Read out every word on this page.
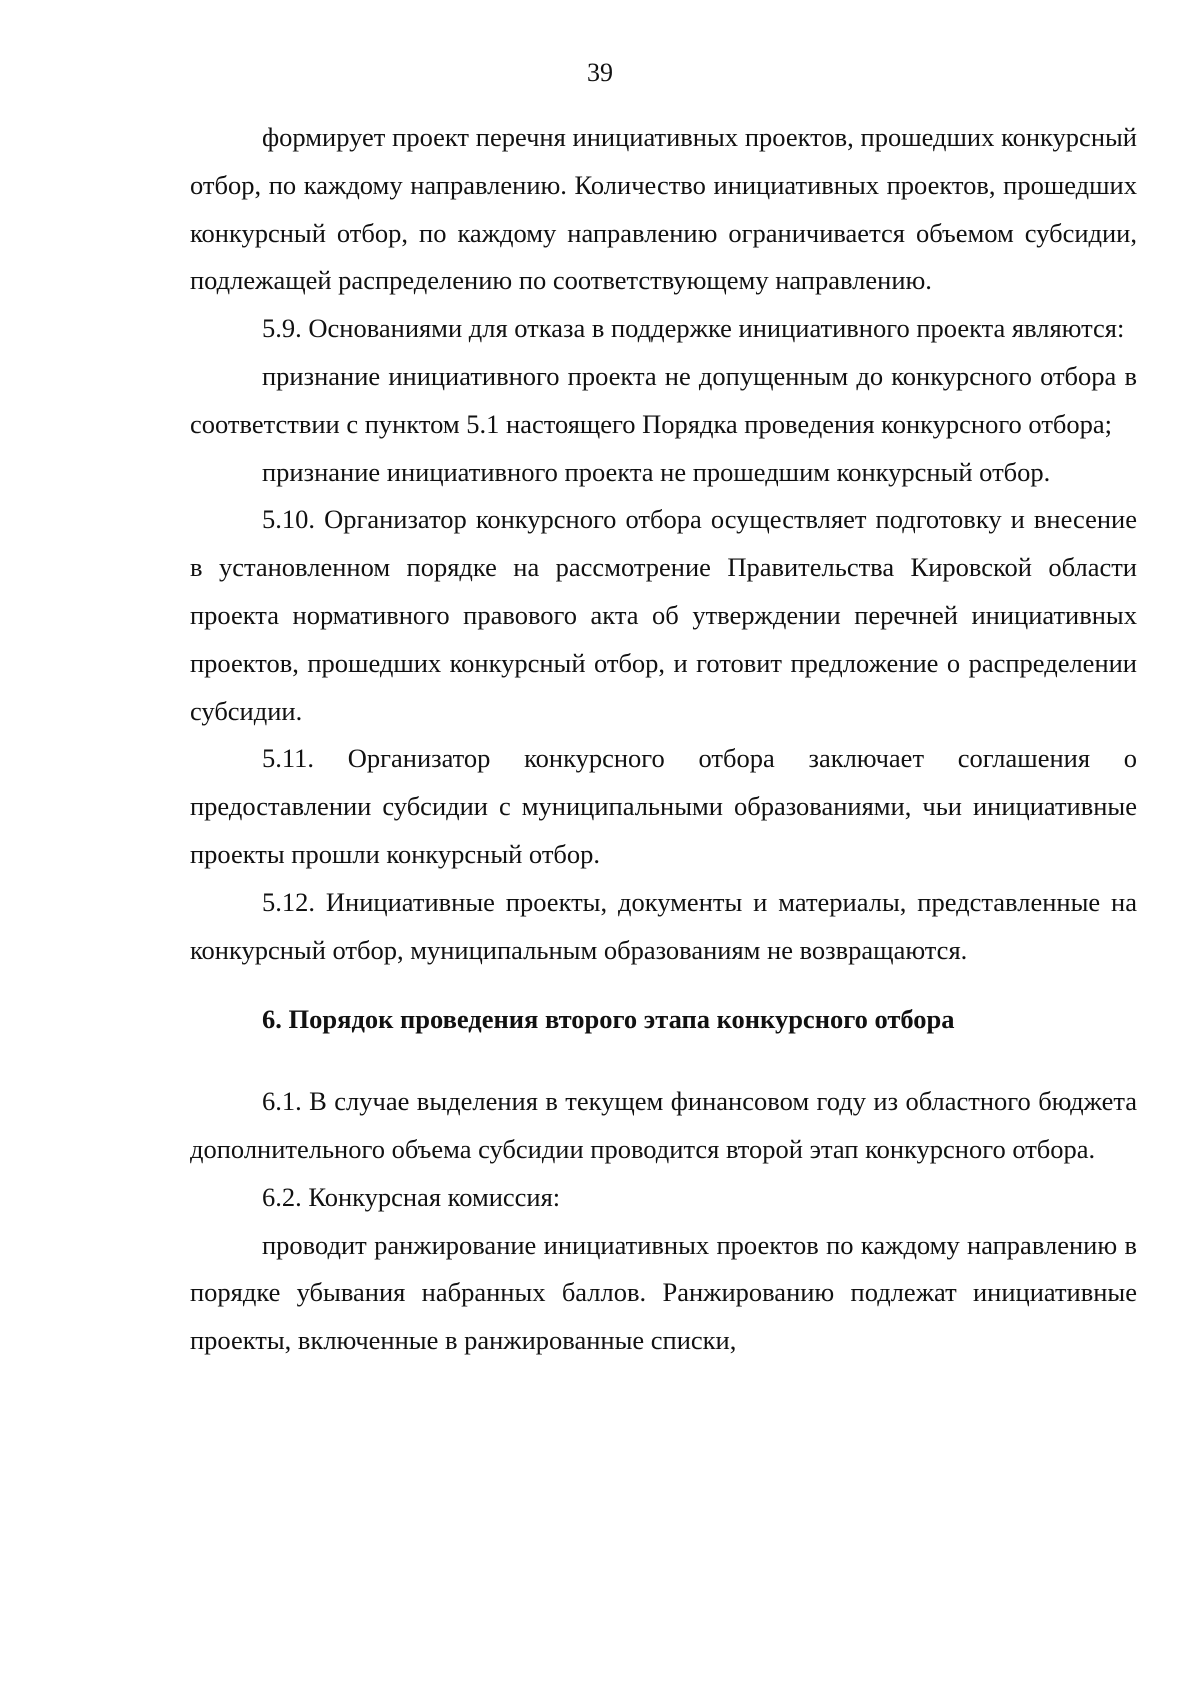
39

формирует проект перечня инициативных проектов, прошедших конкурсный отбор, по каждому направлению. Количество инициативных проектов, прошедших конкурсный отбор, по каждому направлению ограничивается объемом субсидии, подлежащей распределению по соответствующему направлению.

5.9. Основаниями для отказа в поддержке инициативного проекта являются:

признание инициативного проекта не допущенным до конкурсного отбора в соответствии с пунктом 5.1 настоящего Порядка проведения конкурсного отбора;

признание инициативного проекта не прошедшим конкурсный отбор.

5.10. Организатор конкурсного отбора осуществляет подготовку и внесение в установленном порядке на рассмотрение Правительства Кировской области проекта нормативного правового акта об утверждении перечней инициативных проектов, прошедших конкурсный отбор, и готовит предложение о распределении субсидии.

5.11. Организатор конкурсного отбора заключает соглашения о предоставлении субсидии с муниципальными образованиями, чьи инициативные проекты прошли конкурсный отбор.

5.12. Инициативные проекты, документы и материалы, представленные на конкурсный отбор, муниципальным образованиям не возвращаются.

6. Порядок проведения второго этапа конкурсного отбора

6.1. В случае выделения в текущем финансовом году из областного бюджета дополнительного объема субсидии проводится второй этап конкурсного отбора.

6.2. Конкурсная комиссия:

проводит ранжирование инициативных проектов по каждому направлению в порядке убывания набранных баллов. Ранжированию подлежат инициативные проекты, включенные в ранжированные списки,
